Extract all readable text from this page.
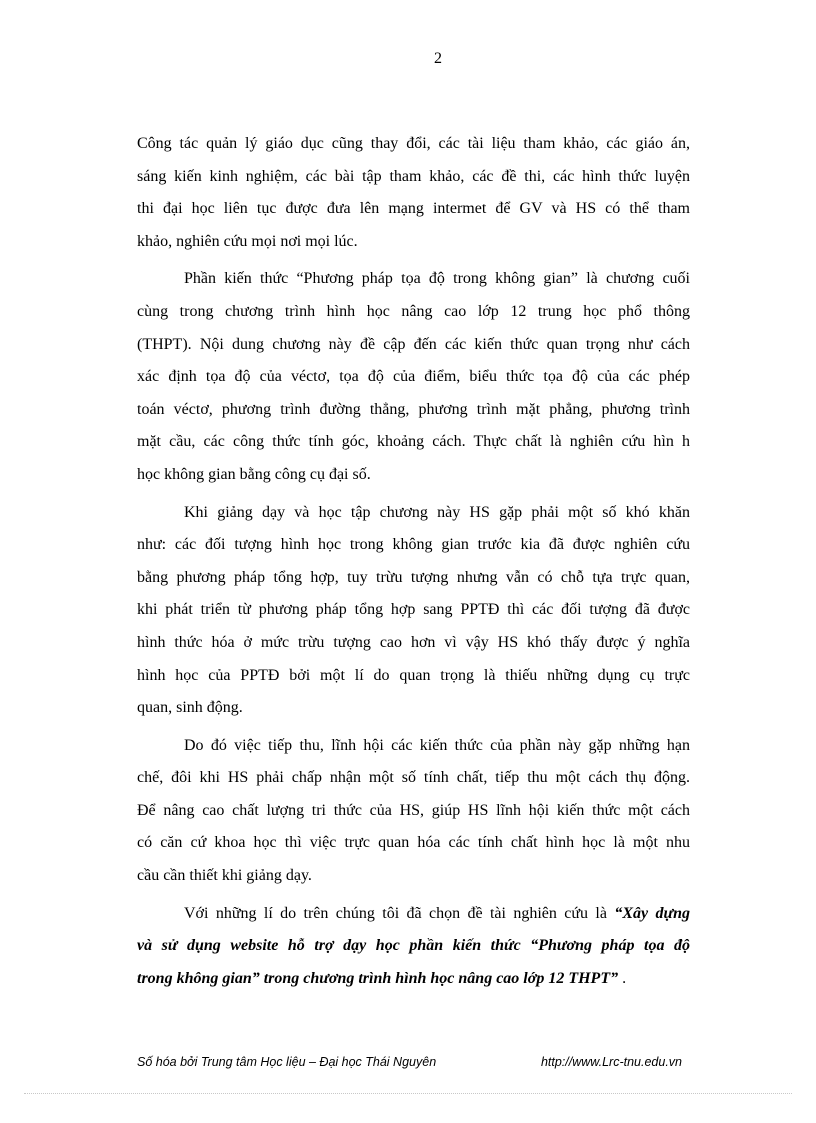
2

Công tác quản lý giáo dục cũng thay đổi, các tài liệu tham khảo, các giáo án,
sáng kiến kinh nghiệm, các bài tập tham khảo, các đề thi, các hình thức luyện
thi đại học liên tục được đưa lên mạng intermet để GV và HS có thể tham
khảo, nghiên cứu mọi nơi mọi lúc.

Phần kiến thức “Phương pháp tọa độ trong không gian” là chương cuối
cùng trong chương trình hình học nâng cao lớp 12 trung học phổ thông
(THPT). Nội dung chương này đề cập đến các kiến thức quan trọng như cách
xác định tọa độ của véctơ, tọa độ của điểm, biểu thức tọa độ của các phép
toán véctơ, phương trình đường thẳng, phương trình mặt phẳng, phương trình
mặt cầu, các công thức tính góc, khoảng cách. Thực chất là nghiên cứu hìn h
học không gian bằng công cụ đại số.

Khi giảng dạy và học tập chương này HS gặp phải một số khó khăn
như: các đối tượng hình học trong không gian trước kia đã được nghiên cứu
bằng phương pháp tổng hợp, tuy trừu tượng nhưng vẫn có chỗ tựa trực quan,
khi phát triển từ phương pháp tổng hợp sang PPTĐ thì các đối tượng đã được
hình thức hóa ở mức trừu tượng cao hơn vì vậy HS khó thấy được ý nghĩa
hình học của PPTĐ bởi một lí do quan trọng là thiếu những dụng cụ trực
quan, sinh động.

Do đó việc tiếp thu, lĩnh hội các kiến thức của phần này gặp những hạn
chế, đôi khi HS phải chấp nhận một số tính chất, tiếp thu một cách thụ động.
Để nâng cao chất lượng tri thức của HS, giúp HS lĩnh hội kiến thức một cách
có căn cứ khoa học thì việc trực quan hóa các tính chất hình học là một nhu
cầu cần thiết khi giảng dạy.

Với những lí do trên chúng tôi đã chọn đề tài nghiên cứu là “Xây dựng
và sử dụng website hỗ trợ dạy học phần kiến thức “Phương pháp tọa độ
trong không gian” trong chương trình hình học nâng cao lớp 12 THPT” .

Số hóa bởi Trung tâm Học liệu – Đại học Thái Nguyên	http://www.Lrc-tnu.edu.vn
